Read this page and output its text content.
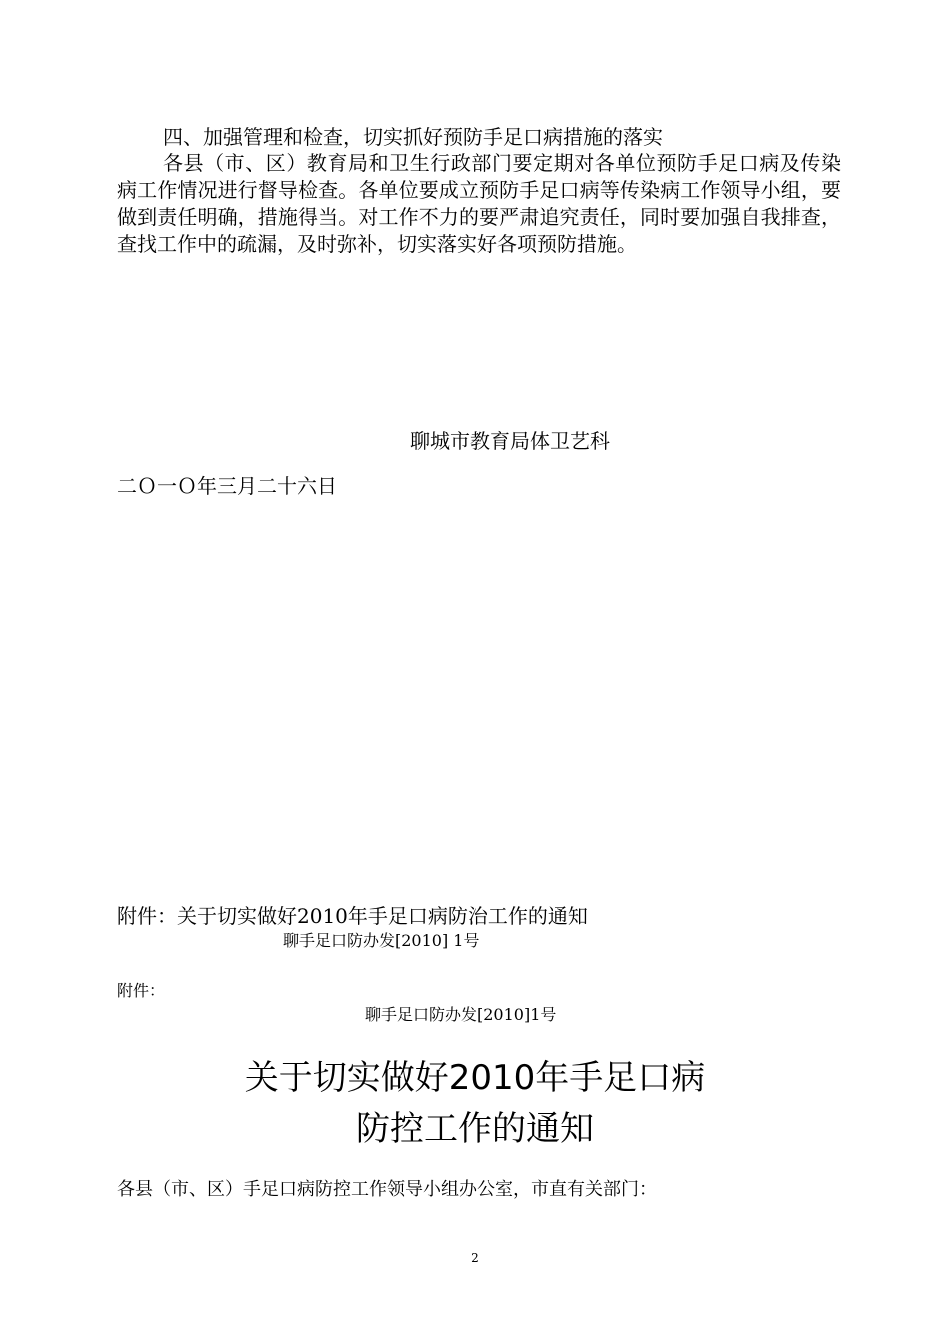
四、加强管理和检查，切实抓好预防手足口病措施的落实

各县（市、区）教育局和卫生行政部门要定期对各单位预防手足口病及传染病工作情况进行督导检查。各单位要成立预防手足口病等传染病工作领导小组，要做到责任明确，措施得当。对工作不力的要严肃追究责任，同时要加强自我排查，查找工作中的疏漏，及时弥补，切实落实好各项预防措施。

聊城市教育局体卫艺科
二Ｏ一Ｏ年三月二十六日
附件：关于切实做好2010年手足口病防治工作的通知
聊手足口防办发[2010] 1号
附件：
聊手足口防办发[2010]1号
关于切实做好2010年手足口病
防控工作的通知
各县（市、区）手足口病防控工作领导小组办公室，市直有关部门：
2
